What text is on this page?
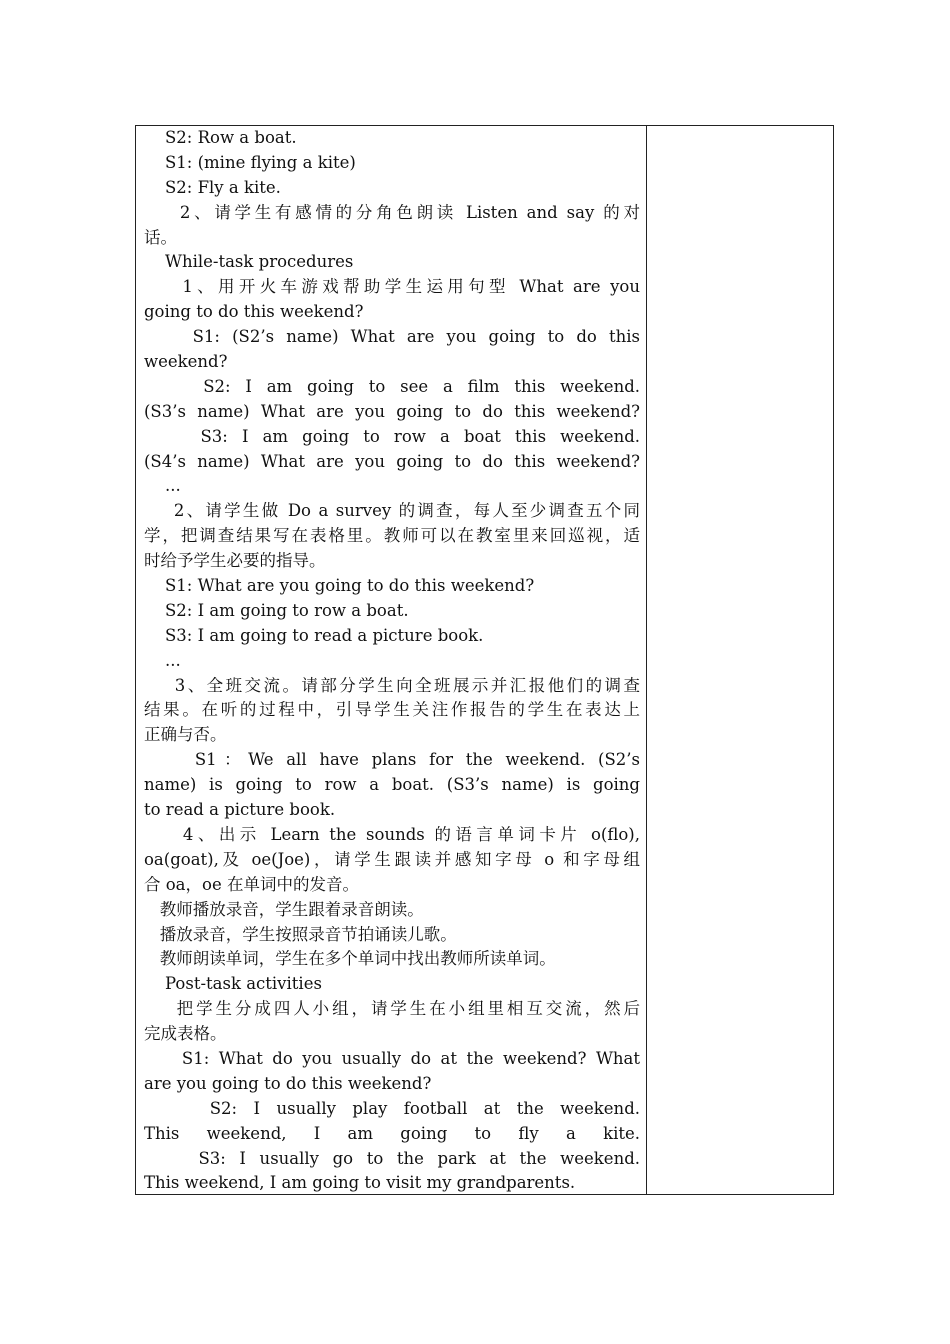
S2: Row a boat.
S1: (mine flying a kite)
S2: Fly a kite.
2、请学生有感情的分角色朗读 Listen and say 的对
话。
While-task procedures
1、用开火车游戏帮助学生运用句型 What are you
going to do this weekend?
S1: (S2’s name) What are you going to do this
weekend?
S2: I am going to see a film this weekend.
(S3’s name) What are you going to do this weekend?
S3: I am going to row a boat this weekend.
(S4’s name) What are you going to do this weekend?
...
2、请学生做 Do a survey 的调查，每人至少调查五个同
学，把调查结果写在表格里。教师可以在教室里来回巡视，适
时给予学生必要的指导。
S1: What are you going to do this weekend?
S2: I am going to row a boat.
S3: I am going to read a picture book.
...
3、全班交流。请部分学生向全班展示并汇报他们的调查
结果。在听的过程中，引导学生关注作报告的学生在表达上
正确与否。
S1：We all have plans for the weekend. (S2’s
name) is going to row a boat. (S3’s name) is going
to read a picture book.
4、出示 Learn the sounds 的语言单词卡片 o(flo),
oa(goat),及 oe(Joe)，请学生跟读并感知字母 o 和字母组
合 oa，oe 在单词中的发音。
教师播放录音，学生跟着录音朗读。
播放录音，学生按照录音节拍诵读儿歌。
教师朗读单词，学生在多个单词中找出教师所读单词。
Post-task activities
把学生分成四人小组，请学生在小组里相互交流，然后
完成表格。
S1: What do you usually do at the weekend? What
are you going to do this weekend?
S2: I usually play football at the weekend.
This weekend, I am going to fly a kite.
S3: I usually go to the park at the weekend.
This weekend, I am going to visit my grandparents.
